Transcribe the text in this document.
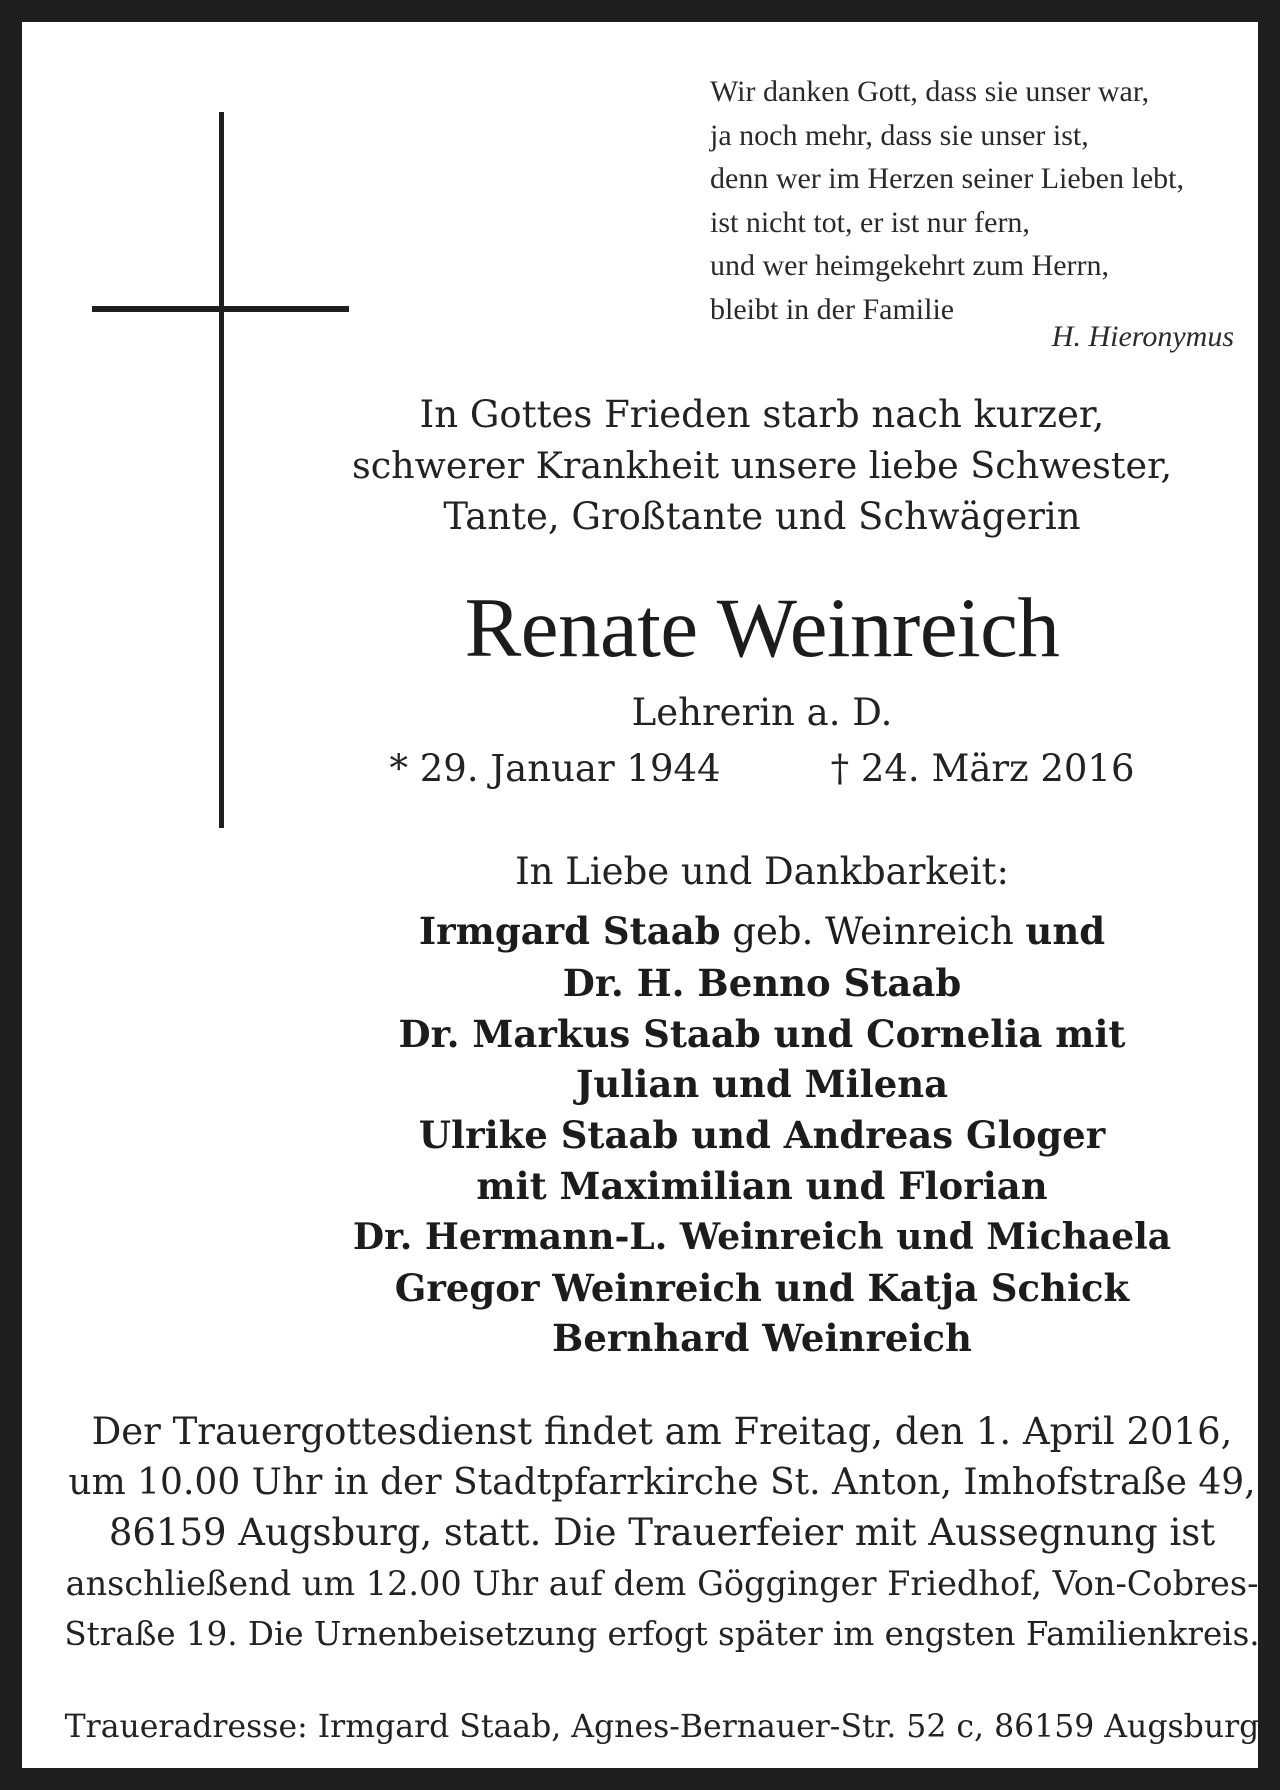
Wir danken Gott, dass sie unser war,
ja noch mehr, dass sie unser ist,
denn wer im Herzen seiner Lieben lebt,
ist nicht tot, er ist nur fern,
und wer heimgekehrt zum Herrn,
bleibt in der Familie
H. Hieronymus
In Gottes Frieden starb nach kurzer,
schwerer Krankheit unsere liebe Schwester,
Tante, Großtante und Schwägerin
Renate Weinreich
Lehrerin a. D.
* 29. Januar 1944	† 24. März 2016
In Liebe und Dankbarkeit:
Irmgard Staab geb. Weinreich und
Dr. H. Benno Staab
Dr. Markus Staab und Cornelia mit
Julian und Milena
Ulrike Staab und Andreas Gloger
mit Maximilian und Florian
Dr. Hermann-L. Weinreich und Michaela
Gregor Weinreich und Katja Schick
Bernhard Weinreich
Der Trauergottesdienst findet am Freitag, den 1. April 2016,
um 10.00 Uhr in der Stadtpfarrkirche St. Anton, Imhofstraße 49,
86159 Augsburg, statt. Die Trauerfeier mit Aussegnung ist
anschließend um 12.00 Uhr auf dem Gögginger Friedhof, Von-Cobres-
Straße 19. Die Urnenbeisetzung erfogt später im engsten Familienkreis.
Traueradresse: Irmgard Staab, Agnes-Bernauer-Str. 52 c, 86159 Augsburg
